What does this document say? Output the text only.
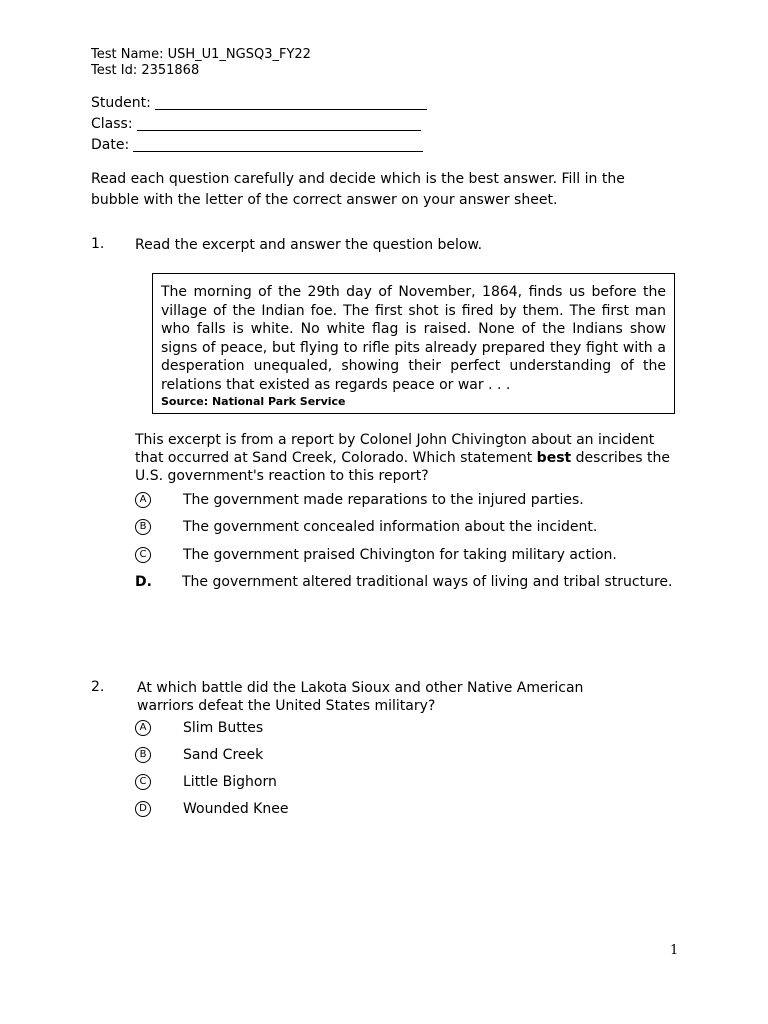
Test Name: USH_U1_NGSQ3_FY22
Test Id: 2351868
Student:
Class:
Date:
Read each question carefully and decide which is the best answer. Fill in the bubble with the letter of the correct answer on your answer sheet.
1. Read the excerpt and answer the question below.
The morning of the 29th day of November, 1864, finds us before the village of the Indian foe. The first shot is fired by them. The first man who falls is white. No white flag is raised. None of the Indians show signs of peace, but flying to rifle pits already prepared they fight with a desperation unequaled, showing their perfect understanding of the relations that existed as regards peace or war . . .
Source: National Park Service
This excerpt is from a report by Colonel John Chivington about an incident that occurred at Sand Creek, Colorado. Which statement best describes the U.S. government's reaction to this report?
A	The government made reparations to the injured parties.
B	The government concealed information about the incident.
C	The government praised Chivington for taking military action.
D. The government altered traditional ways of living and tribal structure.
2. At which battle did the Lakota Sioux and other Native American warriors defeat the United States military?
A	Slim Buttes
B	Sand Creek
C	Little Bighorn
D	Wounded Knee
1
